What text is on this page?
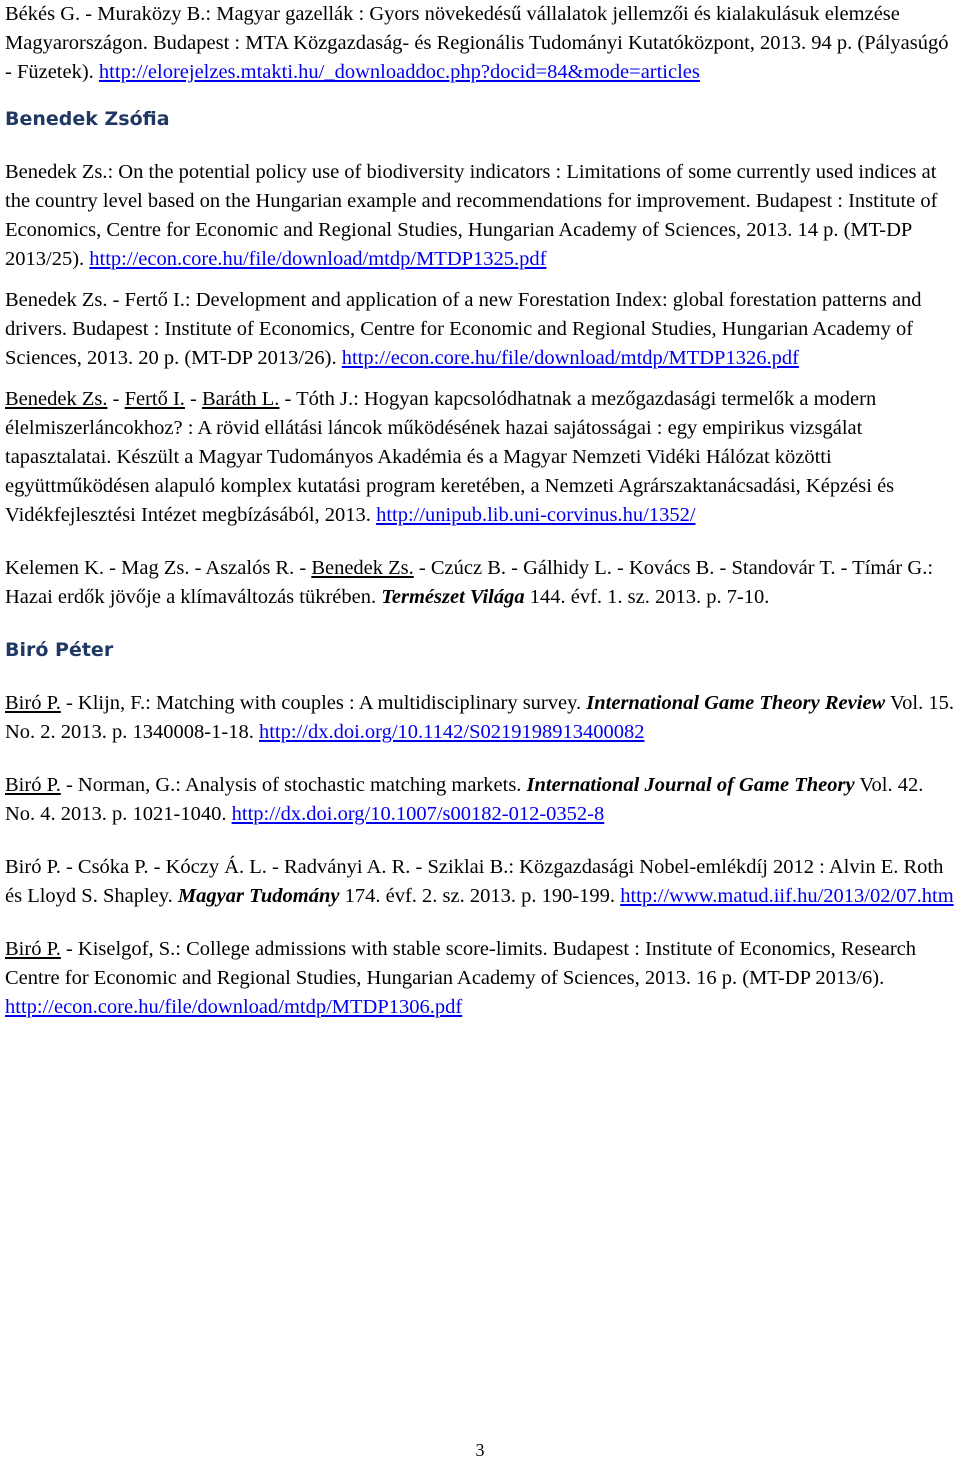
Békés G. - Muraközy B.: Magyar gazellák : Gyors növekedésű vállalatok jellemzői és kialakulásuk elemzése Magyarországon. Budapest : MTA Közgazdaság- és Regionális Tudományi Kutatóközpont, 2013. 94 p. (Pályasúgó - Füzetek). http://elorejelzes.mtakti.hu/_downloaddoc.php?docid=84&mode=articles

Benedek Zsófia

Benedek Zs.: On the potential policy use of biodiversity indicators : Limitations of some currently used indices at the country level based on the Hungarian example and recommendations for improvement. Budapest : Institute of Economics, Centre for Economic and Regional Studies, Hungarian Academy of Sciences, 2013. 14 p. (MT-DP 2013/25). http://econ.core.hu/file/download/mtdp/MTDP1325.pdf

Benedek Zs. - Fertő I.: Development and application of a new Forestation Index: global forestation patterns and drivers. Budapest : Institute of Economics, Centre for Economic and Regional Studies, Hungarian Academy of Sciences, 2013. 20 p. (MT-DP 2013/26). http://econ.core.hu/file/download/mtdp/MTDP1326.pdf

Benedek Zs. - Fertő I. - Baráth L. - Tóth J.: Hogyan kapcsolódhatnak a mezőgazdasági termelők a modern élelmiszerláncokhoz? : A rövid ellátási láncok működésének hazai sajátosságai : egy empirikus vizsgálat tapasztalatai. Készült a Magyar Tudományos Akadémia és a Magyar Nemzeti Vidéki Hálózat közötti együttműködésen alapuló komplex kutatási program keretében, a Nemzeti Agrárszaktanácsadási, Képzési és Vidékfejlesztési Intézet megbízásából, 2013. http://unipub.lib.uni-corvinus.hu/1352/

Kelemen K. - Mag Zs. - Aszalós R. - Benedek Zs. - Czúcz B. - Gálhidy L. - Kovács B. - Standovár T. - Tímár G.: Hazai erdők jövője a klímaváltozás tükrében. Természet Világa 144. évf. 1. sz. 2013. p. 7-10.

Biró Péter

Biró P. - Klijn, F.: Matching with couples : A multidisciplinary survey. International Game Theory Review Vol. 15. No. 2. 2013. p. 1340008-1-18. http://dx.doi.org/10.1142/S0219198913400082

Biró P. - Norman, G.: Analysis of stochastic matching markets. International Journal of Game Theory Vol. 42. No. 4. 2013. p. 1021-1040. http://dx.doi.org/10.1007/s00182-012-0352-8

Biró P. - Csóka P. - Kóczy Á. L. - Radványi A. R. - Sziklai B.: Közgazdasági Nobel-emlékdíj 2012 : Alvin E. Roth és Lloyd S. Shapley. Magyar Tudomány 174. évf. 2. sz. 2013. p. 190-199. http://www.matud.iif.hu/2013/02/07.htm

Biró P. - Kiselgof, S.: College admissions with stable score-limits. Budapest : Institute of Economics, Research Centre for Economic and Regional Studies, Hungarian Academy of Sciences, 2013. 16 p. (MT-DP 2013/6). http://econ.core.hu/file/download/mtdp/MTDP1306.pdf

3
